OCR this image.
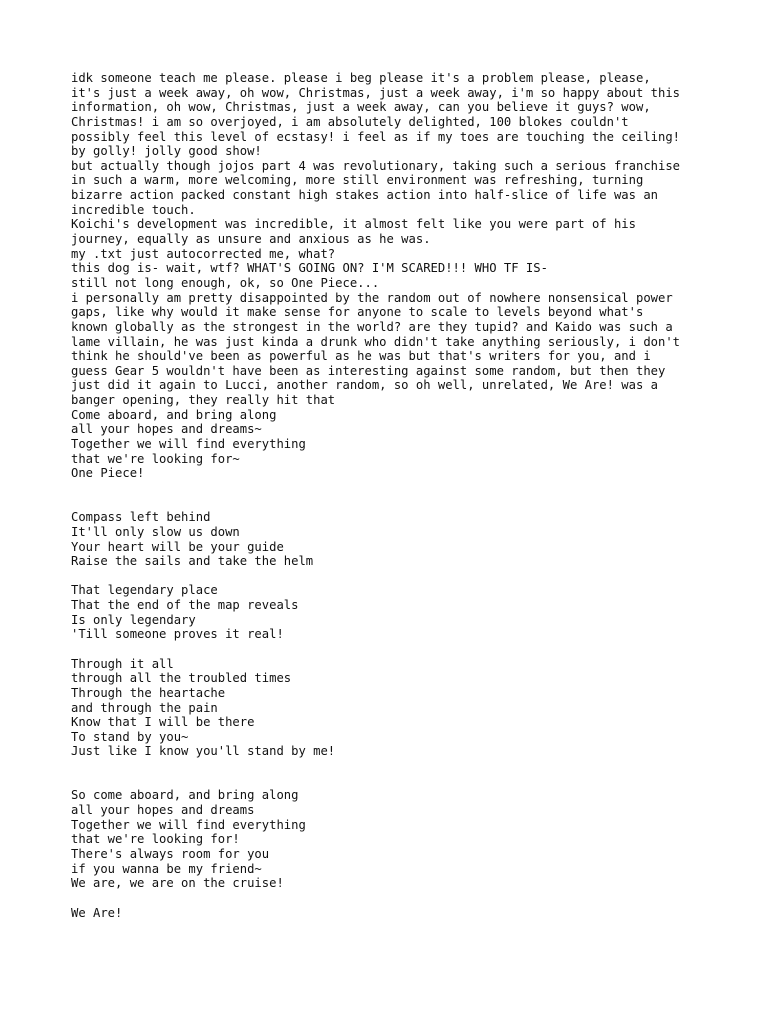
idk someone teach me please. please i beg please it's a problem please, please,
it's just a week away, oh wow, Christmas, just a week away, i'm so happy about this
information, oh wow, Christmas, just a week away, can you believe it guys? wow,
Christmas! i am so overjoyed, i am absolutely delighted, 100 blokes couldn't
possibly feel this level of ecstasy! i feel as if my toes are touching the ceiling!
by golly! jolly good show!
but actually though jojos part 4 was revolutionary, taking such a serious franchise
in such a warm, more welcoming, more still environment was refreshing, turning
bizarre action packed constant high stakes action into half-slice of life was an
incredible touch.
Koichi's development was incredible, it almost felt like you were part of his
journey, equally as unsure and anxious as he was.
my .txt just autocorrected me, what?
this dog is- wait, wtf? WHAT'S GOING ON? I'M SCARED!!! WHO TF IS-
still not long enough, ok, so One Piece...
i personally am pretty disappointed by the random out of nowhere nonsensical power
gaps, like why would it make sense for anyone to scale to levels beyond what's
known globally as the strongest in the world? are they tupid? and Kaido was such a
lame villain, he was just kinda a drunk who didn't take anything seriously, i don't
think he should've been as powerful as he was but that's writers for you, and i
guess Gear 5 wouldn't have been as interesting against some random, but then they
just did it again to Lucci, another random, so oh well, unrelated, We Are! was a
banger opening, they really hit that
Come aboard, and bring along
all your hopes and dreams~
Together we will find everything
that we're looking for~
One Piece!
Compass left behind
It'll only slow us down
Your heart will be your guide
Raise the sails and take the helm
That legendary place
That the end of the map reveals
Is only legendary
'Till someone proves it real!
Through it all
through all the troubled times
Through the heartache
and through the pain
Know that I will be there
To stand by you~
Just like I know you'll stand by me!
So come aboard, and bring along
all your hopes and dreams
Together we will find everything
that we're looking for!
There's always room for you
if you wanna be my friend~
We are, we are on the cruise!
We Are!
